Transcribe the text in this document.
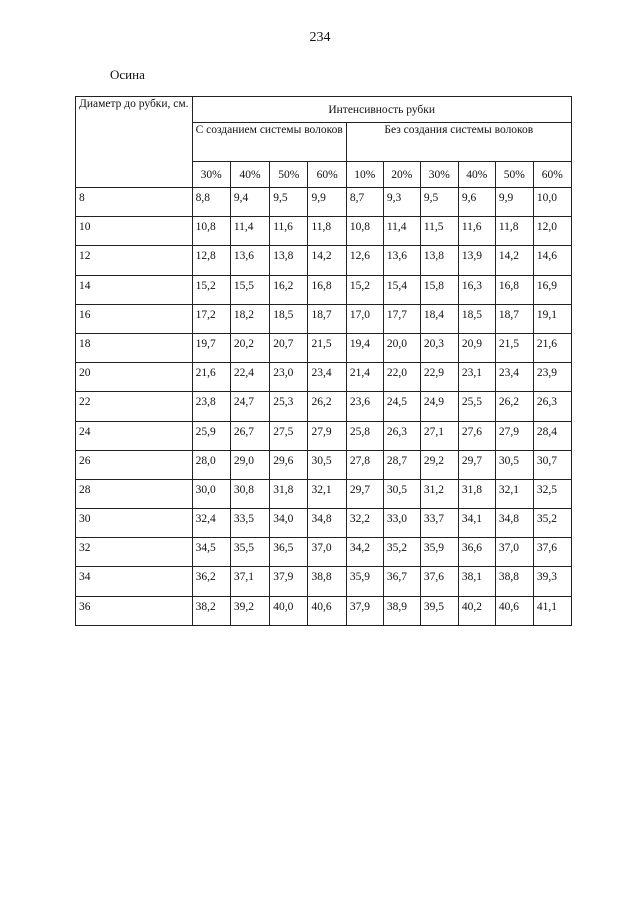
234
Осина
Диаметр до рубки, см.	Интенсивность рубки									
	С созданием системы волоков				Без создания системы волоков					
	30%	40%	50%	60%	10%	20%	30%	40%	50%	60%
8	8,8	9,4	9,5	9,9	8,7	9,3	9,5	9,6	9,9	10,0
10	10,8	11,4	11,6	11,8	10,8	11,4	11,5	11,6	11,8	12,0
12	12,8	13,6	13,8	14,2	12,6	13,6	13,8	13,9	14,2	14,6
14	15,2	15,5	16,2	16,8	15,2	15,4	15,8	16,3	16,8	16,9
16	17,2	18,2	18,5	18,7	17,0	17,7	18,4	18,5	18,7	19,1
18	19,7	20,2	20,7	21,5	19,4	20,0	20,3	20,9	21,5	21,6
20	21,6	22,4	23,0	23,4	21,4	22,0	22,9	23,1	23,4	23,9
22	23,8	24,7	25,3	26,2	23,6	24,5	24,9	25,5	26,2	26,3
24	25,9	26,7	27,5	27,9	25,8	26,3	27,1	27,6	27,9	28,4
26	28,0	29,0	29,6	30,5	27,8	28,7	29,2	29,7	30,5	30,7
28	30,0	30,8	31,8	32,1	29,7	30,5	31,2	31,8	32,1	32,5
30	32,4	33,5	34,0	34,8	32,2	33,0	33,7	34,1	34,8	35,2
32	34,5	35,5	36,5	37,0	34,2	35,2	35,9	36,6	37,0	37,6
34	36,2	37,1	37,9	38,8	35,9	36,7	37,6	38,1	38,8	39,3
36	38,2	39,2	40,0	40,6	37,9	38,9	39,5	40,2	40,6	41,1
